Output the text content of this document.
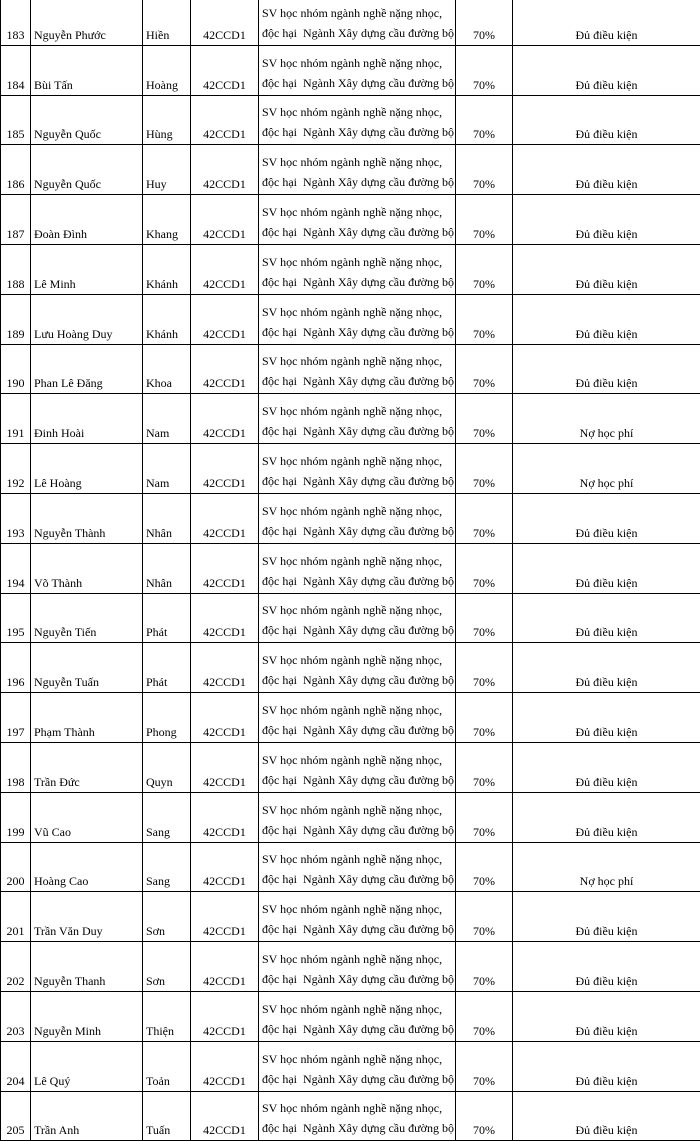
183	Nguyễn Phước	Hiền	42CCD1	SV học nhóm ngành nghề nặng nhọc,
độc hại  Ngành Xây dựng cầu đường bộ	70%	Đủ điều kiện
184	Bùi Tấn	Hoàng	42CCD1	SV học nhóm ngành nghề nặng nhọc,
độc hại  Ngành Xây dựng cầu đường bộ	70%	Đủ điều kiện
185	Nguyễn Quốc	Hùng	42CCD1	SV học nhóm ngành nghề nặng nhọc,
độc hại  Ngành Xây dựng cầu đường bộ	70%	Đủ điều kiện
186	Nguyễn Quốc	Huy	42CCD1	SV học nhóm ngành nghề nặng nhọc,
độc hại  Ngành Xây dựng cầu đường bộ	70%	Đủ điều kiện
187	Đoàn Đình	Khang	42CCD1	SV học nhóm ngành nghề nặng nhọc,
độc hại  Ngành Xây dựng cầu đường bộ	70%	Đủ điều kiện
188	Lê Minh	Khánh	42CCD1	SV học nhóm ngành nghề nặng nhọc,
độc hại  Ngành Xây dựng cầu đường bộ	70%	Đủ điều kiện
189	Lưu Hoàng Duy	Khánh	42CCD1	SV học nhóm ngành nghề nặng nhọc,
độc hại  Ngành Xây dựng cầu đường bộ	70%	Đủ điều kiện
190	Phan Lê Đăng	Khoa	42CCD1	SV học nhóm ngành nghề nặng nhọc,
độc hại  Ngành Xây dựng cầu đường bộ	70%	Đủ điều kiện
191	Đinh Hoài	Nam	42CCD1	SV học nhóm ngành nghề nặng nhọc,
độc hại  Ngành Xây dựng cầu đường bộ	70%	Nợ học phí
192	Lê Hoàng	Nam	42CCD1	SV học nhóm ngành nghề nặng nhọc,
độc hại  Ngành Xây dựng cầu đường bộ	70%	Nợ học phí
193	Nguyễn Thành	Nhân	42CCD1	SV học nhóm ngành nghề nặng nhọc,
độc hại  Ngành Xây dựng cầu đường bộ	70%	Đủ điều kiện
194	Võ Thành	Nhân	42CCD1	SV học nhóm ngành nghề nặng nhọc,
độc hại  Ngành Xây dựng cầu đường bộ	70%	Đủ điều kiện
195	Nguyễn Tiến	Phát	42CCD1	SV học nhóm ngành nghề nặng nhọc,
độc hại  Ngành Xây dựng cầu đường bộ	70%	Đủ điều kiện
196	Nguyễn Tuấn	Phát	42CCD1	SV học nhóm ngành nghề nặng nhọc,
độc hại  Ngành Xây dựng cầu đường bộ	70%	Đủ điều kiện
197	Phạm Thành	Phong	42CCD1	SV học nhóm ngành nghề nặng nhọc,
độc hại  Ngành Xây dựng cầu đường bộ	70%	Đủ điều kiện
198	Trần Đức	Quyn	42CCD1	SV học nhóm ngành nghề nặng nhọc,
độc hại  Ngành Xây dựng cầu đường bộ	70%	Đủ điều kiện
199	Vũ Cao	Sang	42CCD1	SV học nhóm ngành nghề nặng nhọc,
độc hại  Ngành Xây dựng cầu đường bộ	70%	Đủ điều kiện
200	Hoàng Cao	Sang	42CCD1	SV học nhóm ngành nghề nặng nhọc,
độc hại  Ngành Xây dựng cầu đường bộ	70%	Nợ học phí
201	Trần Văn Duy	Sơn	42CCD1	SV học nhóm ngành nghề nặng nhọc,
độc hại  Ngành Xây dựng cầu đường bộ	70%	Đủ điều kiện
202	Nguyễn Thanh	Sơn	42CCD1	SV học nhóm ngành nghề nặng nhọc,
độc hại  Ngành Xây dựng cầu đường bộ	70%	Đủ điều kiện
203	Nguyễn Minh	Thiện	42CCD1	SV học nhóm ngành nghề nặng nhọc,
độc hại  Ngành Xây dựng cầu đường bộ	70%	Đủ điều kiện
204	Lê Quý	Toản	42CCD1	SV học nhóm ngành nghề nặng nhọc,
độc hại  Ngành Xây dựng cầu đường bộ	70%	Đủ điều kiện
205	Trần Anh	Tuấn	42CCD1	SV học nhóm ngành nghề nặng nhọc,
độc hại  Ngành Xây dựng cầu đường bộ	70%	Đủ điều kiện
